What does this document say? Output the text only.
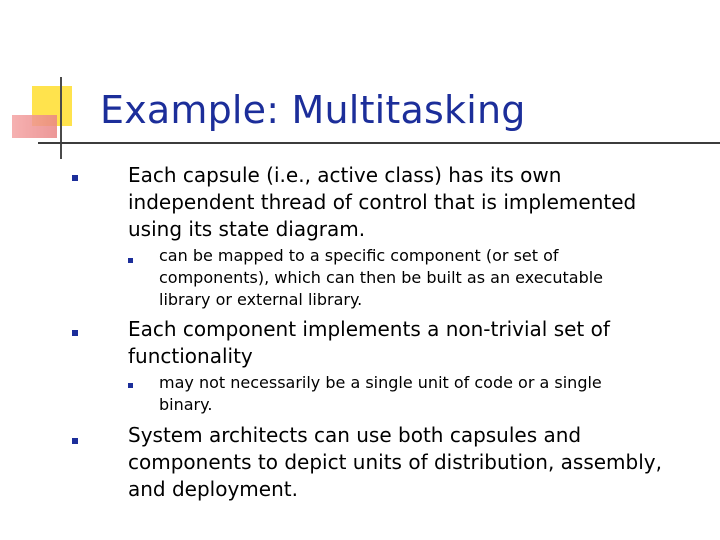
Example: Multitasking
Each capsule (i.e., active class) has its own independent thread of control that is implemented using its state diagram.
can be mapped to a specific component (or set of components), which can then be built as an executable library or external library.
Each component implements a non-trivial set of functionality
may not necessarily be a single unit of code or a single binary.
System architects can use both capsules and components to depict units of distribution, assembly, and deployment.
